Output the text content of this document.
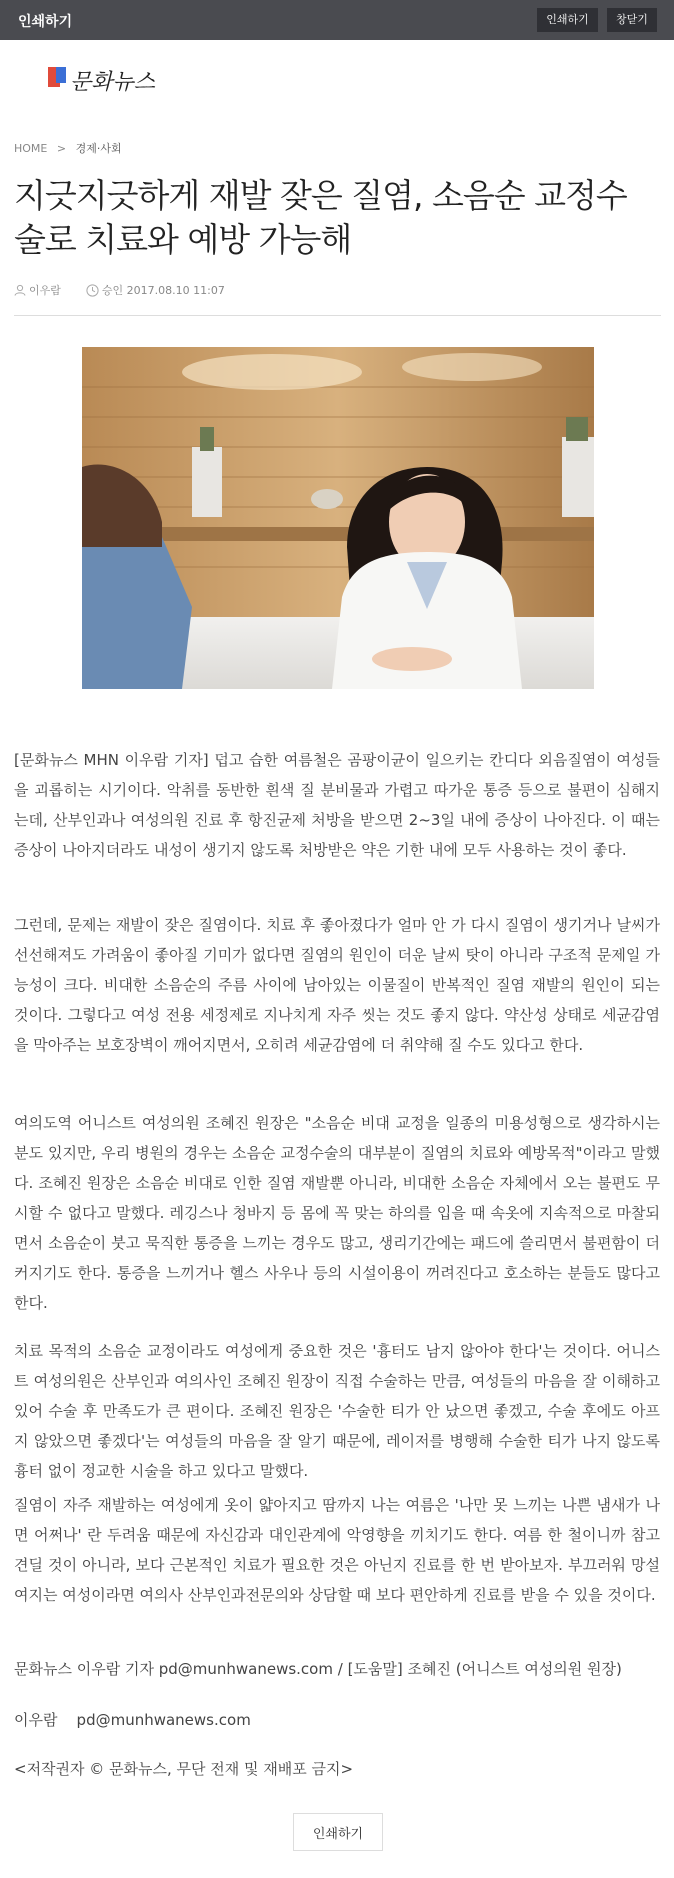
인쇄하기	인쇄하기	창닫기
문화뉴스
HOME > 경제·사회
지긋지긋하게 재발 잦은 질염, 소음순 교정수술로 치료와 예방 가능해
이우람	승인 2017.08.10 11:07

[문화뉴스 MHN 이우람 기자] 덥고 습한 여름철은 곰팡이균이 일으키는 칸디다 외음질염이 여성들을 괴롭히는 시기이다. 악취를 동반한 흰색 질 분비물과 가렵고 따가운 통증 등으로 불편이 심해지는데, 산부인과나 여성의원 진료 후 항진균제 처방을 받으면 2~3일 내에 증상이 나아진다. 이 때는 증상이 나아지더라도 내성이 생기지 않도록 처방받은 약은 기한 내에 모두 사용하는 것이 좋다.

그런데, 문제는 재발이 잦은 질염이다. 치료 후 좋아졌다가 얼마 안 가 다시 질염이 생기거나 날씨가 선선해져도 가려움이 좋아질 기미가 없다면 질염의 원인이 더운 날씨 탓이 아니라 구조적 문제일 가능성이 크다. 비대한 소음순의 주름 사이에 남아있는 이물질이 반복적인 질염 재발의 원인이 되는 것이다. 그렇다고 여성 전용 세정제로 지나치게 자주 씻는 것도 좋지 않다. 약산성 상태로 세균감염을 막아주는 보호장벽이 깨어지면서, 오히려 세균감염에 더 취약해 질 수도 있다고 한다.

여의도역 어니스트 여성의원 조혜진 원장은 "소음순 비대 교정을 일종의 미용성형으로 생각하시는 분도 있지만, 우리 병원의 경우는 소음순 교정수술의 대부분이 질염의 치료와 예방목적"이라고 말했다. 조혜진 원장은 소음순 비대로 인한 질염 재발뿐 아니라, 비대한 소음순 자체에서 오는 불편도 무시할 수 없다고 말했다. 레깅스나 청바지 등 몸에 꼭 맞는 하의를 입을 때 속옷에 지속적으로 마찰되면서 소음순이 붓고 묵직한 통증을 느끼는 경우도 많고, 생리기간에는 패드에 쓸리면서 불편함이 더 커지기도 한다. 통증을 느끼거나 헬스 사우나 등의 시설이용이 꺼려진다고 호소하는 분들도 많다고 한다.

치료 목적의 소음순 교정이라도 여성에게 중요한 것은 '흉터도 남지 않아야 한다'는 것이다. 어니스트 여성의원은 산부인과 여의사인 조혜진 원장이 직접 수술하는 만큼, 여성들의 마음을 잘 이해하고 있어 수술 후 만족도가 큰 편이다. 조혜진 원장은 '수술한 티가 안 났으면 좋겠고, 수술 후에도 아프지 않았으면 좋겠다'는 여성들의 마음을 잘 알기 때문에, 레이저를 병행해 수술한 티가 나지 않도록 흉터 없이 정교한 시술을 하고 있다고 말했다.

질염이 자주 재발하는 여성에게 옷이 얇아지고 땀까지 나는 여름은 '나만 못 느끼는 나쁜 냄새가 나면 어쩌나' 란 두려움 때문에 자신감과 대인관계에 악영향을 끼치기도 한다. 여름 한 철이니까 참고 견딜 것이 아니라, 보다 근본적인 치료가 필요한 것은 아닌지 진료를 한 번 받아보자. 부끄러워 망설여지는 여성이라면 여의사 산부인과전문의와 상담할 때 보다 편안하게 진료를 받을 수 있을 것이다.

문화뉴스 이우람 기자 pd@munhwanews.com / [도움말] 조혜진 (어니스트 여성의원 원장)

이우람    pd@munhwanews.com

<저작권자 © 문화뉴스, 무단 전재 및 재배포 금지>

인쇄하기
